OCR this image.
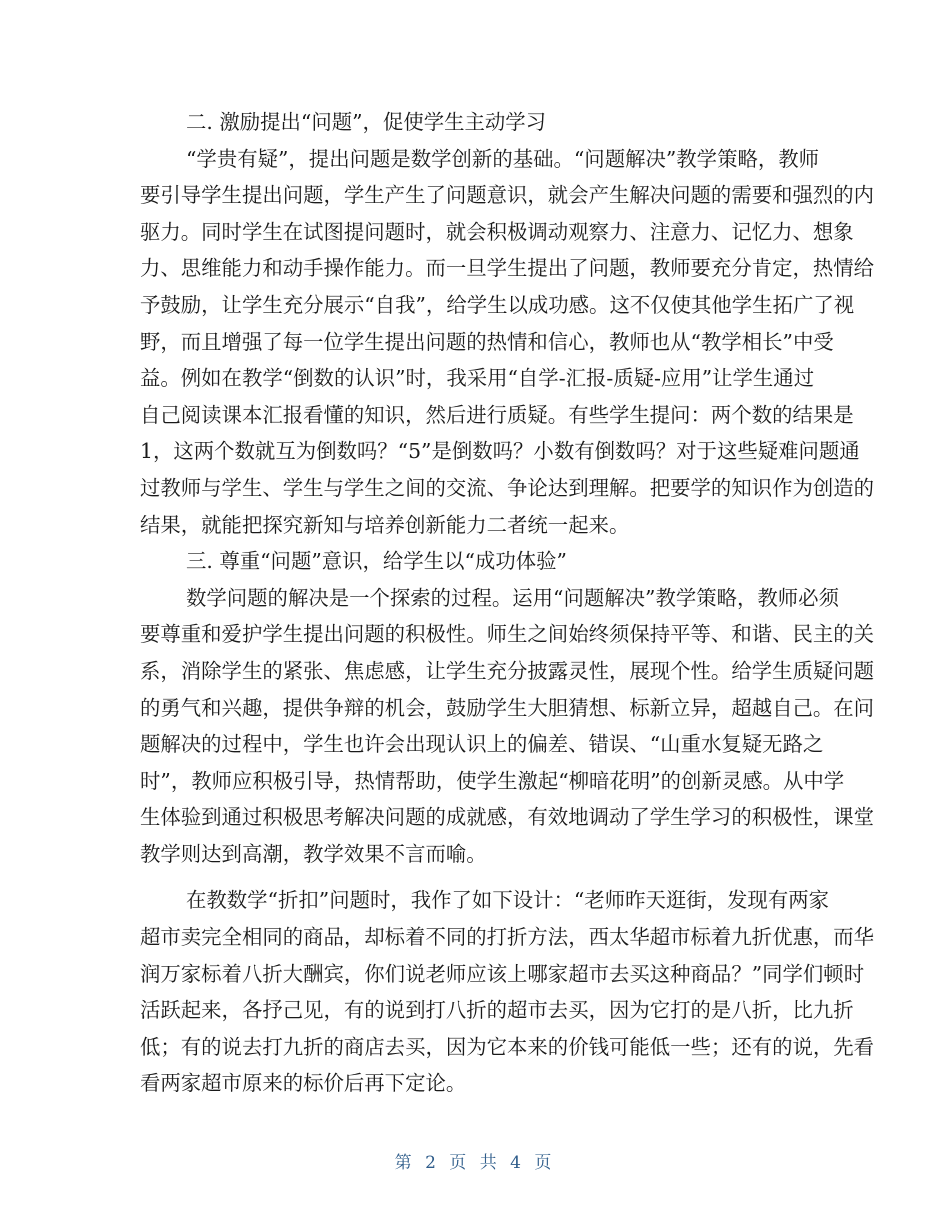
二. 激励提出“问题”，促使学生主动学习
“学贵有疑”，提出问题是数学创新的基础。“问题解决”教学策略，教师
要引导学生提出问题，学生产生了问题意识，就会产生解决问题的需要和强烈的内
驱力。同时学生在试图提问题时，就会积极调动观察力、注意力、记忆力、想象
力、思维能力和动手操作能力。而一旦学生提出了问题，教师要充分肯定，热情给
予鼓励，让学生充分展示“自我”，给学生以成功感。这不仅使其他学生拓广了视
野，而且增强了每一位学生提出问题的热情和信心，教师也从“教学相长”中受
益。例如在教学“倒数的认识”时，我采用“自学-汇报-质疑-应用”让学生通过
自己阅读课本汇报看懂的知识，然后进行质疑。有些学生提问：两个数的结果是
1，这两个数就互为倒数吗？“5”是倒数吗？小数有倒数吗？对于这些疑难问题通
过教师与学生、学生与学生之间的交流、争论达到理解。把要学的知识作为创造的
结果，就能把探究新知与培养创新能力二者统一起来。
三. 尊重“问题”意识，给学生以“成功体验”
数学问题的解决是一个探索的过程。运用“问题解决”教学策略，教师必须
要尊重和爱护学生提出问题的积极性。师生之间始终须保持平等、和谐、民主的关
系，消除学生的紧张、焦虑感，让学生充分披露灵性，展现个性。给学生质疑问题
的勇气和兴趣，提供争辩的机会，鼓励学生大胆猜想、标新立异，超越自己。在问
题解决的过程中，学生也许会出现认识上的偏差、错误、“山重水复疑无路之
时”，教师应积极引导，热情帮助，使学生激起“柳暗花明”的创新灵感。从中学
生体验到通过积极思考解决问题的成就感，有效地调动了学生学习的积极性，课堂
教学则达到高潮，教学效果不言而喻。
在教数学“折扣”问题时，我作了如下设计：“老师昨天逛街，发现有两家
超市卖完全相同的商品，却标着不同的打折方法，西太华超市标着九折优惠，而华
润万家标着八折大酬宾，你们说老师应该上哪家超市去买这种商品？”同学们顿时
活跃起来，各抒己见，有的说到打八折的超市去买，因为它打的是八折，比九折
低；有的说去打九折的商店去买，因为它本来的价钱可能低一些；还有的说，先看
看两家超市原来的标价后再下定论。
第 2 页 共 4 页
